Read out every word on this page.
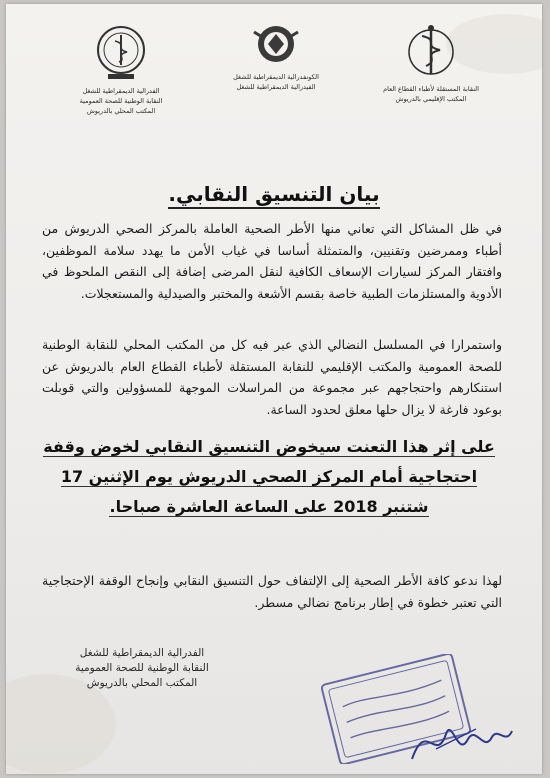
الفدرالية الديمقراطية للشغل
النقابة الوطنية للصحة العمومية
المكتب المحلي بالدريوش
الكونفدرالية الديمقراطية للشغل
الفيدرالية الديمقراطية للشغل	النقابة المستقلة لأطباء القطاع العام
المكتب الإقليمي بالدريوش
بيان التنسيق النقابي.
في ظل المشاكل التي تعاني منها الأطر الصحية العاملة بالمركز الصحي الدريوش من أطباء وممرضين وتقنيين، والمتمثلة أساسا في غياب الأمن ما يهدد سلامة الموظفين، وافتقار المركز لسيارات الإسعاف الكافية لنقل المرضى إضافة إلى النقص الملحوظ في الأدوية والمستلزمات الطبية خاصة بقسم الأشعة والمختبر والصيدلية والمستعجلات.
واستمرارا في المسلسل النضالي الذي عبر فيه كل من المكتب المحلي للنقابة الوطنية للصحة العمومية والمكتب الإقليمي للنقابة المستقلة لأطباء القطاع العام بالدريوش عن استنكارهم واحتجاجهم عبر مجموعة من المراسلات الموجهة للمسؤولين والتي قوبلت بوعود فارغة لا يزال حلها معلق لحدود الساعة.
على إثر هذا التعنت سيخوض التنسيق النقابي لخوض وقفة احتجاجية أمام المركز الصحي الدريوش يوم الإثنين 17 شتنبر 2018 على الساعة العاشرة صباحا.
لهذا ندعو كافة الأطر الصحية إلى الإلتفاف حول التنسيق النقابي وإنجاح الوقفة الإحتجاجية التي تعتبر خطوة في إطار برنامج نضالي مسطر.
الفدرالية الديمقراطية للشغل
النقابة الوطنية للصحة العمومية
المكتب المحلي بالدريوش
